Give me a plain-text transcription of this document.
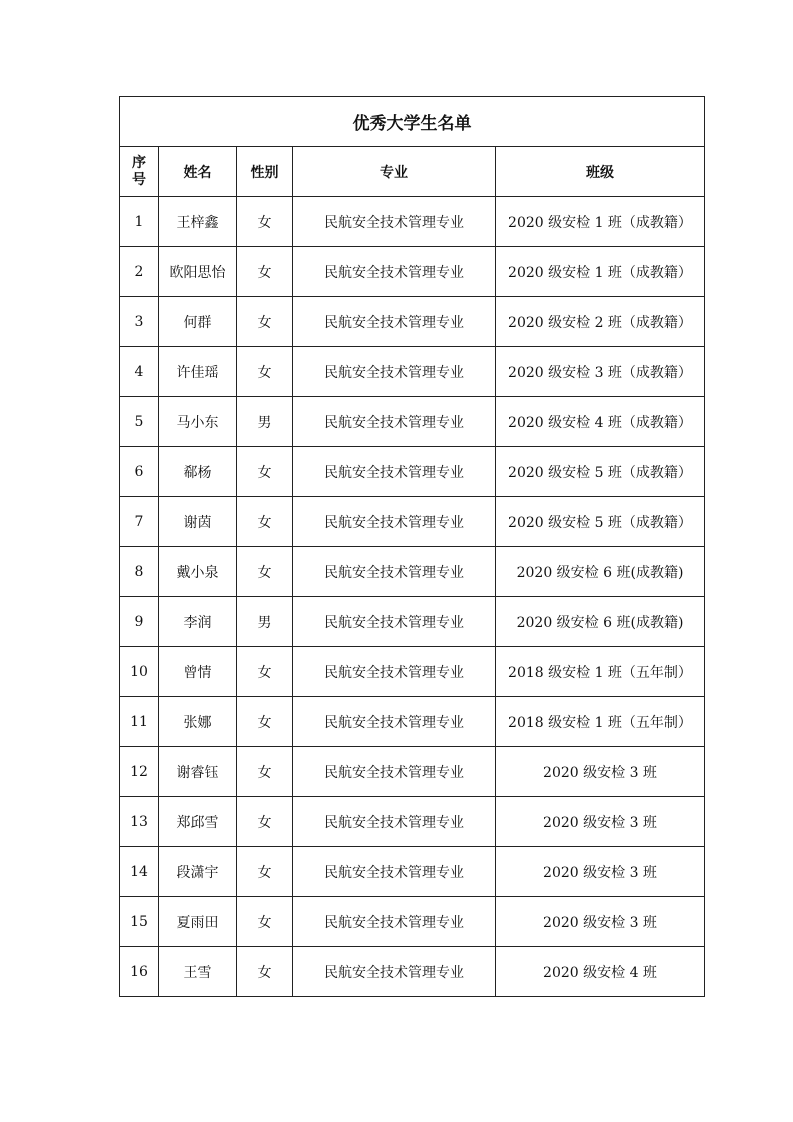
优秀大学生名单				

序
号	姓名	性别	专业	班级
1	王梓鑫	女	民航安全技术管理专业	2020 级安检 1 班（成教籍）
2	欧阳思怡	女	民航安全技术管理专业	2020 级安检 1 班（成教籍）
3	何群	女	民航安全技术管理专业	2020 级安检 2 班（成教籍）
4	许佳瑶	女	民航安全技术管理专业	2020 级安检 3 班（成教籍）
5	马小东	男	民航安全技术管理专业	2020 级安检 4 班（成教籍）
6	郗杨	女	民航安全技术管理专业	2020 级安检 5 班（成教籍）
7	谢茵	女	民航安全技术管理专业	2020 级安检 5 班（成教籍）
8	戴小泉	女	民航安全技术管理专业	2020 级安检 6 班(成教籍)
9	李润	男	民航安全技术管理专业	2020 级安检 6 班(成教籍)
10	曾情	女	民航安全技术管理专业	2018 级安检 1 班（五年制）
11	张娜	女	民航安全技术管理专业	2018 级安检 1 班（五年制）
12	谢睿钰	女	民航安全技术管理专业	2020 级安检 3 班
13	郑邱雪	女	民航安全技术管理专业	2020 级安检 3 班
14	段潇宇	女	民航安全技术管理专业	2020 级安检 3 班
15	夏雨田	女	民航安全技术管理专业	2020 级安检 3 班
16	王雪	女	民航安全技术管理专业	2020 级安检 4 班
